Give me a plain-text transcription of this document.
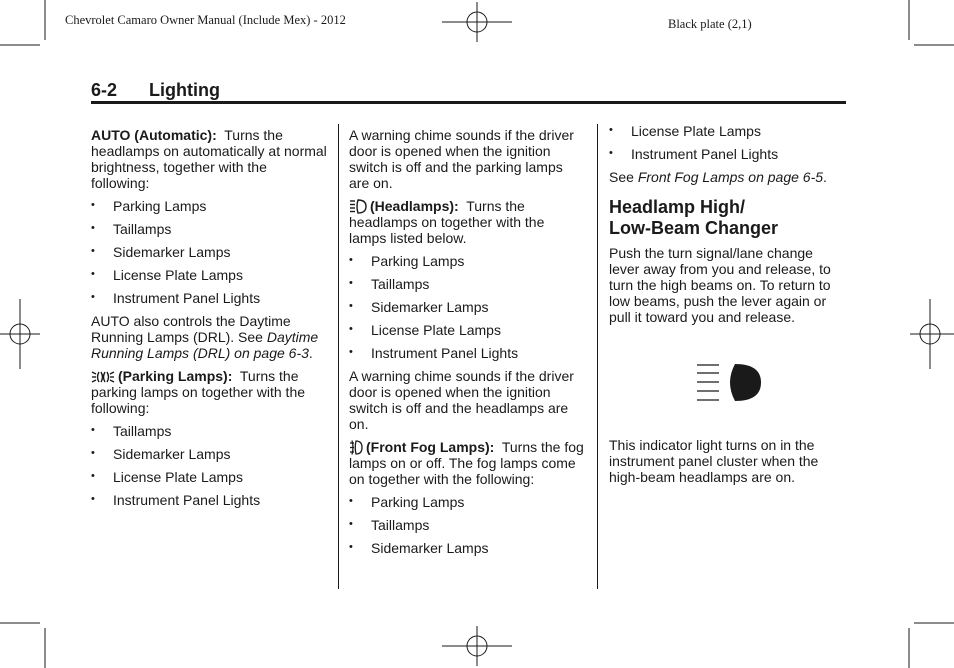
Chevrolet Camaro Owner Manual (Include Mex) - 2012	Black plate (2,1)
6-2 Lighting

AUTO (Automatic): Turns the headlamps on automatically at normal brightness, together with the following:

• Parking Lamps
• Taillamps
• Sidemarker Lamps
• License Plate Lamps
• Instrument Panel Lights

AUTO also controls the Daytime Running Lamps (DRL). See Daytime Running Lamps (DRL) on page 6-3.

(Parking Lamps): Turns the parking lamps on together with the following:

• Taillamps
• Sidemarker Lamps
• License Plate Lamps
• Instrument Panel Lights

A warning chime sounds if the driver door is opened when the ignition switch is off and the parking lamps are on.

(Headlamps): Turns the headlamps on together with the lamps listed below.

• Parking Lamps
• Taillamps
• Sidemarker Lamps
• License Plate Lamps
• Instrument Panel Lights

A warning chime sounds if the driver door is opened when the ignition switch is off and the headlamps are on.

(Front Fog Lamps): Turns the fog lamps on or off. The fog lamps come on together with the following:

• Parking Lamps
• Taillamps
• Sidemarker Lamps
• License Plate Lamps
• Instrument Panel Lights

See Front Fog Lamps on page 6-5.

Headlamp High/
Low-Beam Changer

Push the turn signal/lane change lever away from you and release, to turn the high beams on. To return to low beams, push the lever again or pull it toward you and release.

This indicator light turns on in the instrument panel cluster when the high-beam headlamps are on.
